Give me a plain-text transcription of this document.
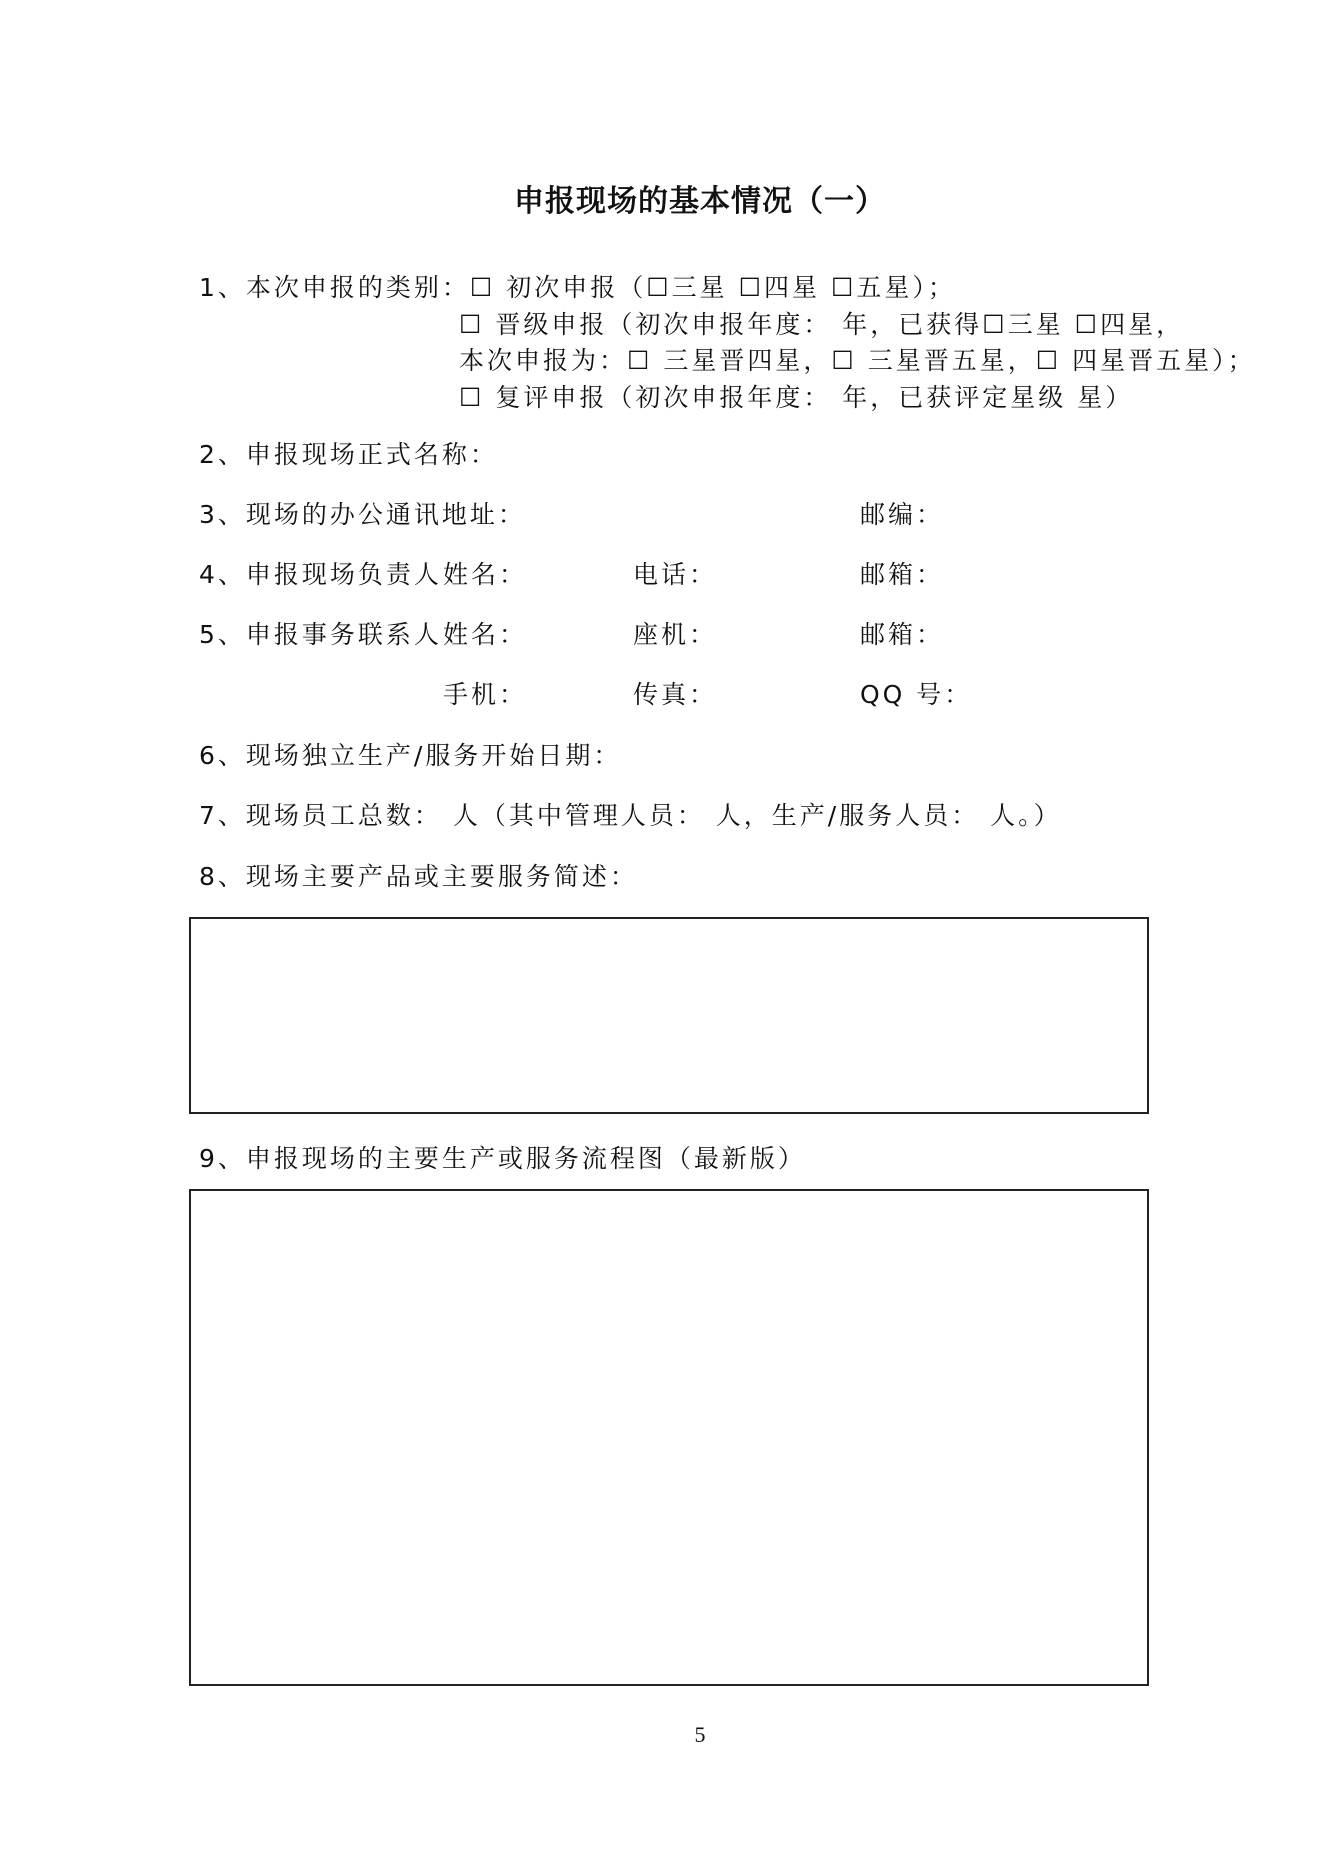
申报现场的基本情况（一）
1、本次申报的类别：☐ 初次申报（☐三星 ☐四星 ☐五星）；
☐ 晋级申报（初次申报年度： 年，已获得☐三星 ☐四星，
本次申报为：☐ 三星晋四星，☐ 三星晋五星，☐ 四星晋五星）；
☐ 复评申报（初次申报年度： 年，已获评定星级 星）
2、申报现场正式名称：
3、现场的办公通讯地址：	邮编：
4、申报现场负责人 姓名：	电话：	邮箱：
5、申报事务联系人 姓名：	座机：	邮箱：
手机：	传真：	QQ 号：
6、现场独立生产/服务开始日期：
7、现场员工总数： 人（其中管理人员： 人，生产/服务人员： 人。）
8、现场主要产品或主要服务简述：
9、申报现场的主要生产或服务流程图（最新版）
5
